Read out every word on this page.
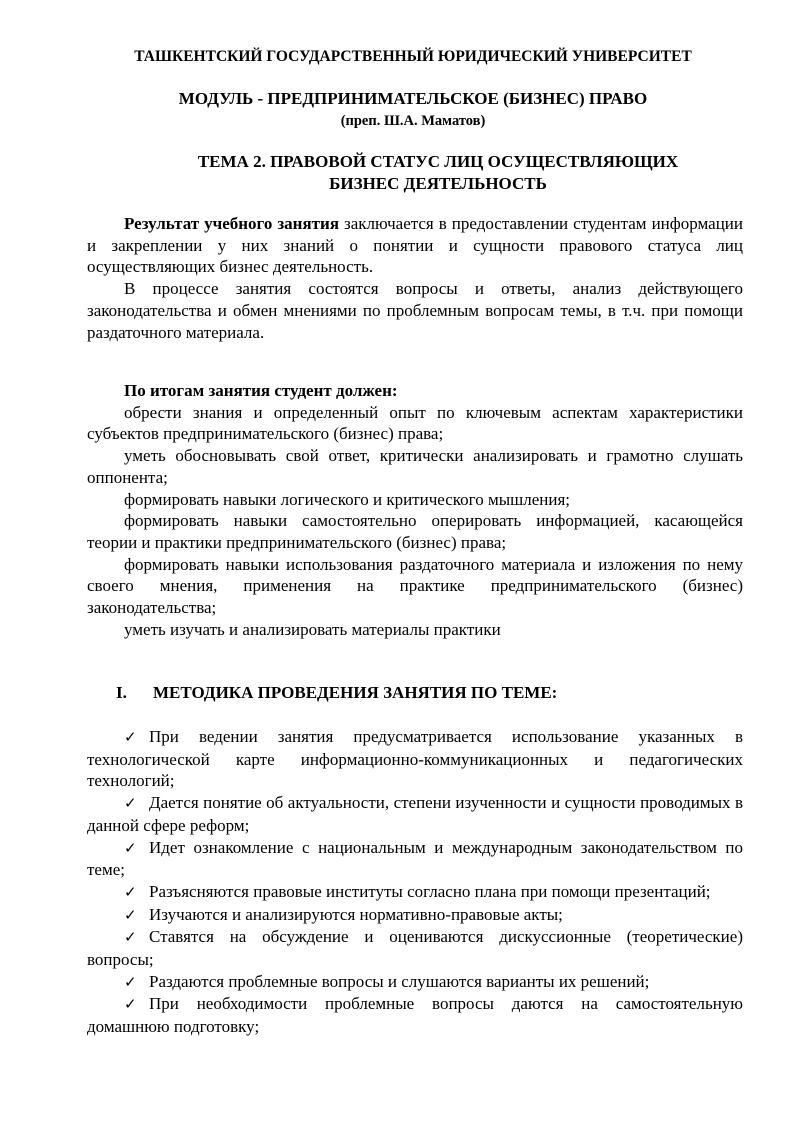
ТАШКЕНТСКИЙ ГОСУДАРСТВЕННЫЙ ЮРИДИЧЕСКИЙ УНИВЕРСИТЕТ
МОДУЛЬ - ПРЕДПРИНИМАТЕЛЬСКОЕ (БИЗНЕС) ПРАВО
(преп. Ш.А. Маматов)
ТЕМА 2. ПРАВОВОЙ СТАТУС ЛИЦ ОСУЩЕСТВЛЯЮЩИХ
БИЗНЕС ДЕЯТЕЛЬНОСТЬ

Результат учебного занятия заключается в предоставлении студентам информации и закреплении у них знаний о понятии и сущности правового статуса лиц осуществляющих бизнес деятельность.

В процессе занятия состоятся вопросы и ответы, анализ действующего законодательства и обмен мнениями по проблемным вопросам темы, в т.ч. при помощи раздаточного материала.

По итогам занятия студент должен:

обрести знания и определенный опыт по ключевым аспектам характеристики субъектов предпринимательского (бизнес) права;

уметь обосновывать свой ответ, критически анализировать и грамотно слушать оппонента;

формировать навыки логического и критического мышления;

формировать навыки самостоятельно оперировать информацией, касающейся теории и практики предпринимательского (бизнес) права;

формировать навыки использования раздаточного материала и изложения по нему своего мнения, применения на практике предпринимательского (бизнес) законодательства;

уметь изучать и анализировать материалы практики

I. МЕТОДИКА ПРОВЕДЕНИЯ ЗАНЯТИЯ ПО ТЕМЕ:

✓ При ведении занятия предусматривается использование указанных в технологической карте информационно-коммуникационных и педагогических технологий;

✓ Дается понятие об актуальности, степени изученности и сущности проводимых в данной сфере реформ;

✓ Идет ознакомление с национальным и международным законодательством по теме;

✓ Разъясняются правовые институты согласно плана при помощи презентаций;

✓ Изучаются и анализируются нормативно-правовые акты;

✓ Ставятся на обсуждение и оцениваются дискуссионные (теоретические) вопросы;

✓ Раздаются проблемные вопросы и слушаются варианты их решений;

✓ При необходимости проблемные вопросы даются на самостоятельную домашнюю подготовку;
